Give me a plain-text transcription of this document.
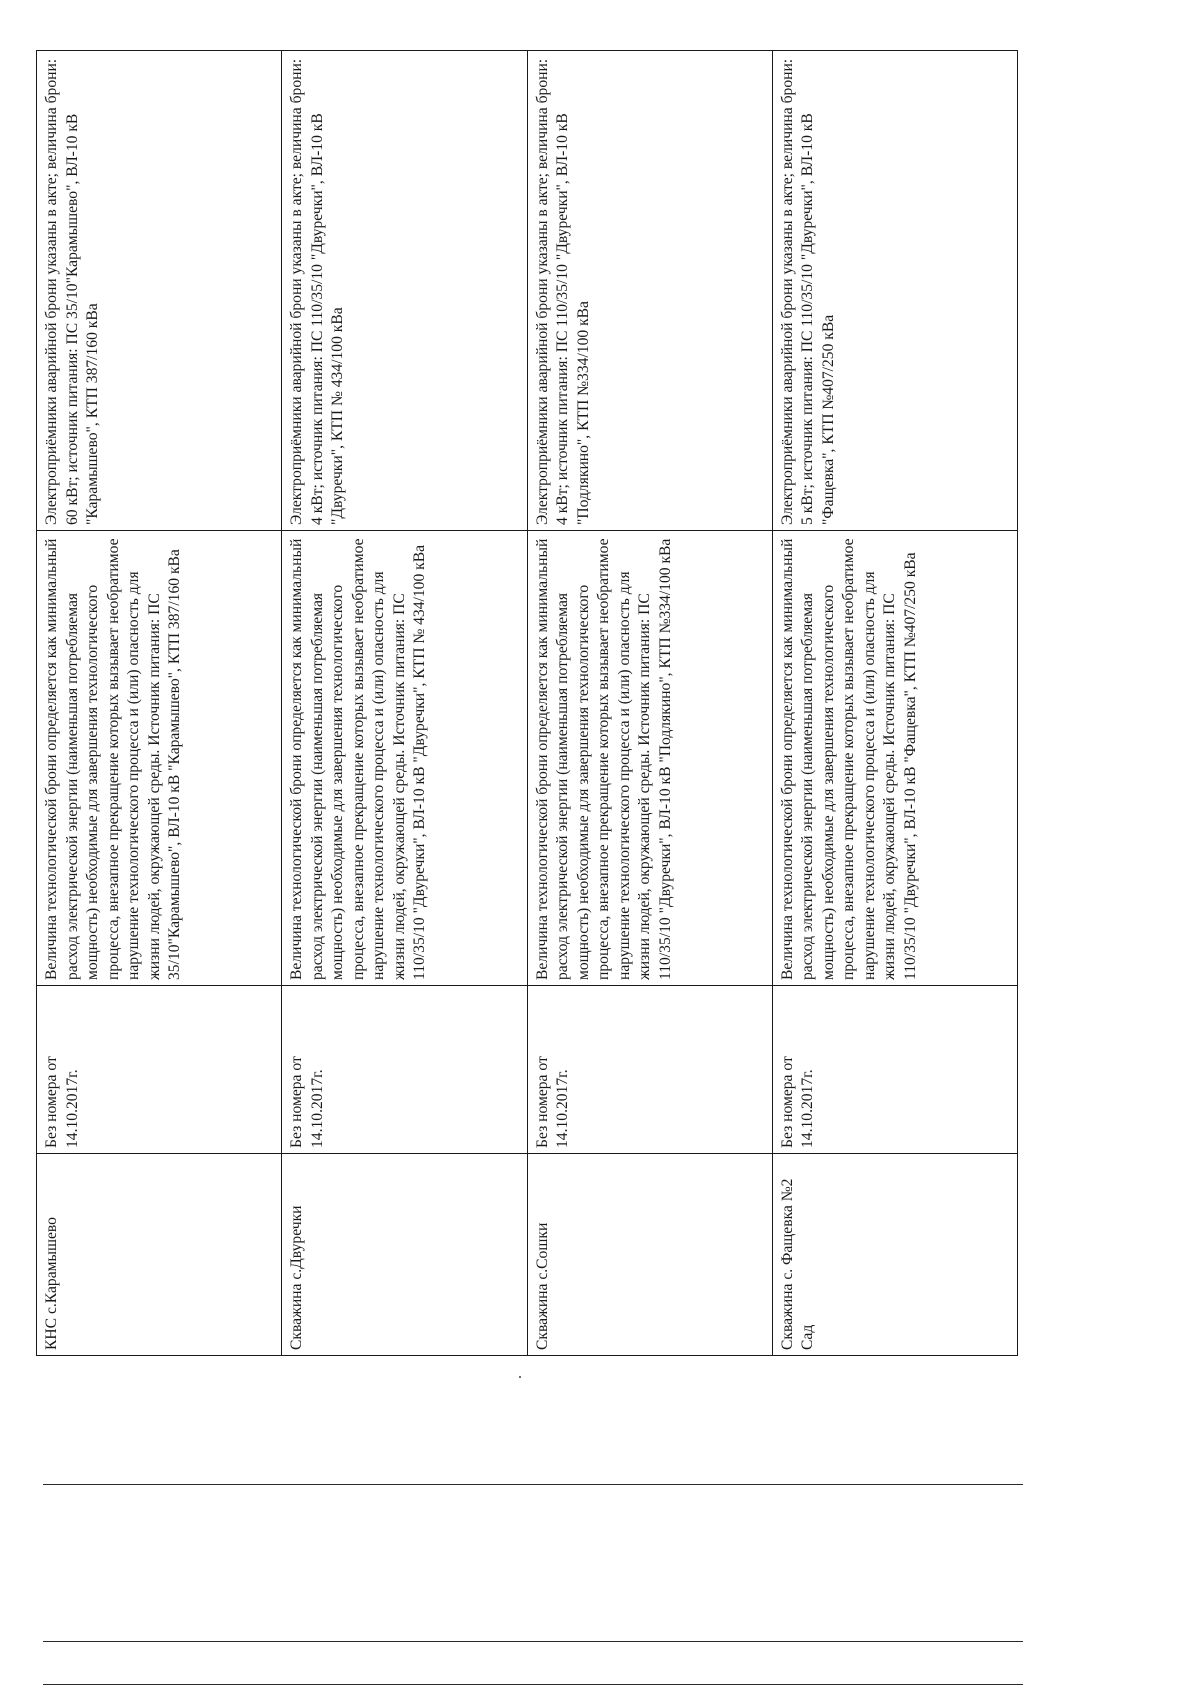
КНС с.Карамышево	Без номера от 14.10.2017г.	Величина технологической брони определяется как минимальный расход электрической энергии (наименьшая потребляемая мощность) необходимые для завершения технологического процесса, внезапное прекращение которых вызывает необратимое нарушение технологического процесса и (или) опасность для жизни людей, окружающей среды. Источник питания: ПС 35/10"Карамышево", ВЛ-10 кВ "Карамышево", КТП 387/160 кВа	Электроприёмники аварийной брони указаны в акте; величина брони: 60 кВт; источник питания: ПС 35/10"Карамышево", ВЛ-10 кВ "Карамышево", КТП 387/160 кВа
Скважина с.Двуречки	Без номера от 14.10.2017г.	Величина технологической брони определяется как минимальный расход электрической энергии (наименьшая потребляемая мощность) необходимые для завершения технологического процесса, внезапное прекращение которых вызывает необратимое нарушение технологического процесса и (или) опасность для жизни людей, окружающей среды. Источник питания: ПС 110/35/10 "Двуречки", ВЛ-10 кВ "Двуречки", КТП № 434/100 кВа	Электроприёмники аварийной брони указаны в акте; величина брони: 4 кВт; источник питания: ПС 110/35/10 "Двуречки", ВЛ-10 кВ "Двуречки", КТП № 434/100 кВа
Скважина с.Сошки	Без номера от 14.10.2017г.	Величина технологической брони определяется как минимальный расход электрической энергии (наименьшая потребляемая мощность) необходимые для завершения технологического процесса, внезапное прекращение которых вызывает необратимое нарушение технологического процесса и (или) опасность для жизни людей, окружающей среды. Источник питания: ПС 110/35/10 "Двуречки", ВЛ-10 кВ "Подлякино", КТП №334/100 кВа	Электроприёмники аварийной брони указаны в акте; величина брони: 4 кВт; источник питания: ПС 110/35/10 "Двуречки", ВЛ-10 кВ "Подлякино", КТП №334/100 кВа
Скважина с. Фащевка №2 Сад	Без номера от 14.10.2017г.	Величина технологической брони определяется как минимальный расход электрической энергии (наименьшая потребляемая мощность) необходимые для завершения технологического процесса, внезапное прекращение которых вызывает необратимое нарушение технологического процесса и (или) опасность для жизни людей, окружающей среды. Источник питания: ПС 110/35/10 "Двуречки", ВЛ-10 кВ "Фащевка", КТП №407/250 кВа	Электроприёмники аварийной брони указаны в акте; величина брони: 5 кВт; источник питания: ПС 110/35/10 "Двуречки", ВЛ-10 кВ "Фащевка", КТП №407/250 кВа
